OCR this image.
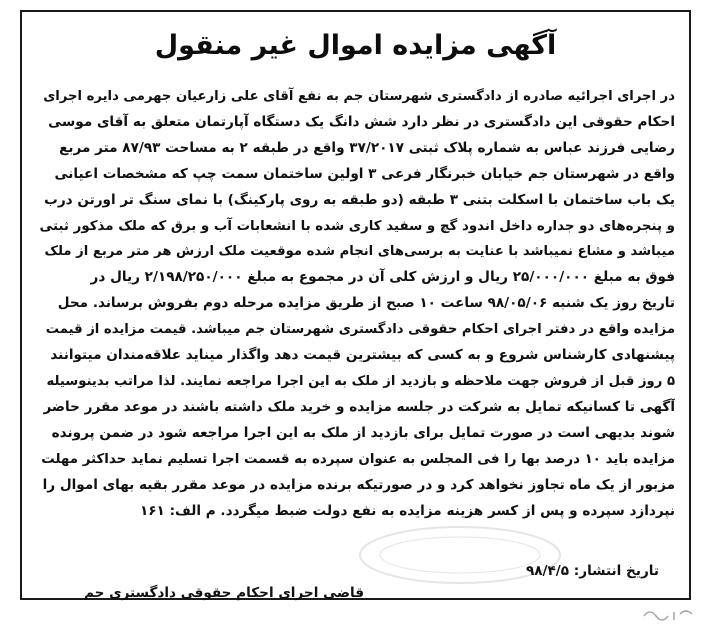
آگهی مزایده اموال غیر منقول
در اجرای اجرائیه صادره از دادگستری شهرستان جم به نفع آقای علی زارعیان جهرمی دایره اجرای
احکام حقوقی این دادگستری در نظر دارد شش دانگ یک دستگاه آپارتمان متعلق به آقای موسی
رضایی فرزند عباس به شماره پلاک ثبتی ۳۷/۲۰۱۷ واقع در طبقه ۲ به مساحت ۸۷/۹۳ متر مربع
واقع در شهرستان جم خیابان خبرنگار فرعی ۳ اولین ساختمان سمت چپ که مشخصات اعیانی
یک باب ساختمان با اسکلت بتنی ۳ طبقه (دو طبقه به روی پارکینگ) با نمای سنگ تر اورتن درب
و پنجره‌های دو جداره داخل اندود گچ و سفید کاری شده با انشعابات آب و برق که ملک مذکور ثبتی
میباشد و مشاع نمیباشد با عنایت به برسی‌های انجام شده موقعیت ملک ارزش هر متر مربع از ملک
فوق به مبلغ ۲۵/۰۰۰/۰۰۰ ریال و ارزش کلی آن در مجموع به مبلغ ۲/۱۹۸/۲۵۰/۰۰۰ ریال در
تاریخ روز یک شنبه ۹۸/۰۵/۰۶ ساعت ۱۰ صبح از طریق مزایده مرحله دوم بفروش برساند. محل
مزایده واقع در دفتر اجرای احکام حقوقی دادگستری شهرستان جم میباشد. قیمت مزایده از قیمت
پیشنهادی کارشناس شروع و به کسی که بیشترین قیمت دهد واگذار میناید علاقه‌مندان میتوانند
۵ روز قبل از فروش جهت ملاحظه و بازدید از ملک به این اجرا مراجعه نمایند. لذا مراتب بدینوسیله
آگهی تا کسانیکه تمایل به شرکت در جلسه مزایده و خرید ملک داشته باشند در موعد مقرر حاضر
شوند بدیهی است در صورت تمایل برای بازدید از ملک به این اجرا مراجعه شود در ضمن پرونده
مزایده باید ۱۰ درصد بها را فی المجلس به عنوان سپرده به قسمت اجرا تسلیم نماید حداکثر مهلت
مزبور از یک ماه تجاوز نخواهد کرد و در صورتیکه برنده مزایده در موعد مقرر بقیه بهای اموال را
نپردازد سپرده و پس از کسر هزینه مزایده به نفع دولت ضبط میگردد. م الف: ۱۶۱
تاریخ انتشار: ۹۸/۴/۵
قاضی اجرای احکام حقوقی دادگستری جم
